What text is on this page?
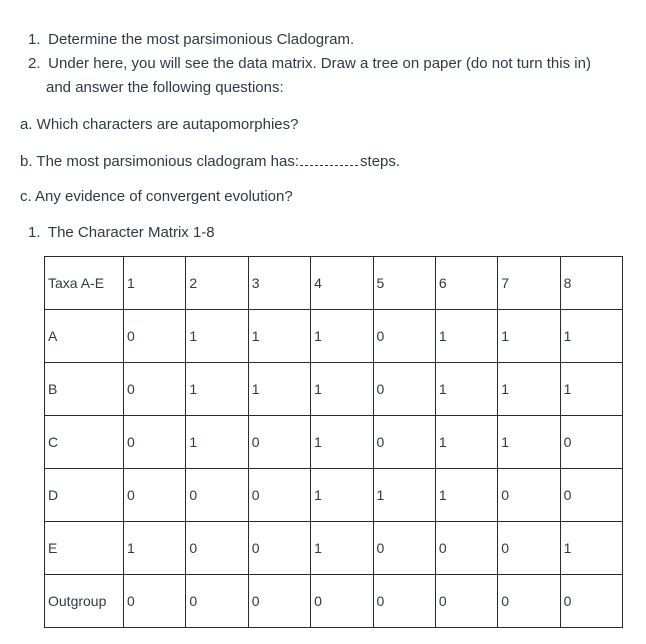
1. Determine the most parsimonious Cladogram.
2. Under here, you will see the data matrix. Draw a tree on paper (do not turn this in)
and answer the following questions:
a. Which characters are autapomorphies?
b. The most parsimonious cladogram has:	steps.
c. Any evidence of convergent evolution?
1. The Character Matrix 1-8
Taxa A-E	1	2	3	4	5	6	7	8
A	0	1	1	1	0	1	1	1
B	0	1	1	1	0	1	1	1
C	0	1	0	1	0	1	1	0
D	0	0	0	1	1	1	0	0
E	1	0	0	1	0	0	0	1
Outgroup	0	0	0	0	0	0	0	0
